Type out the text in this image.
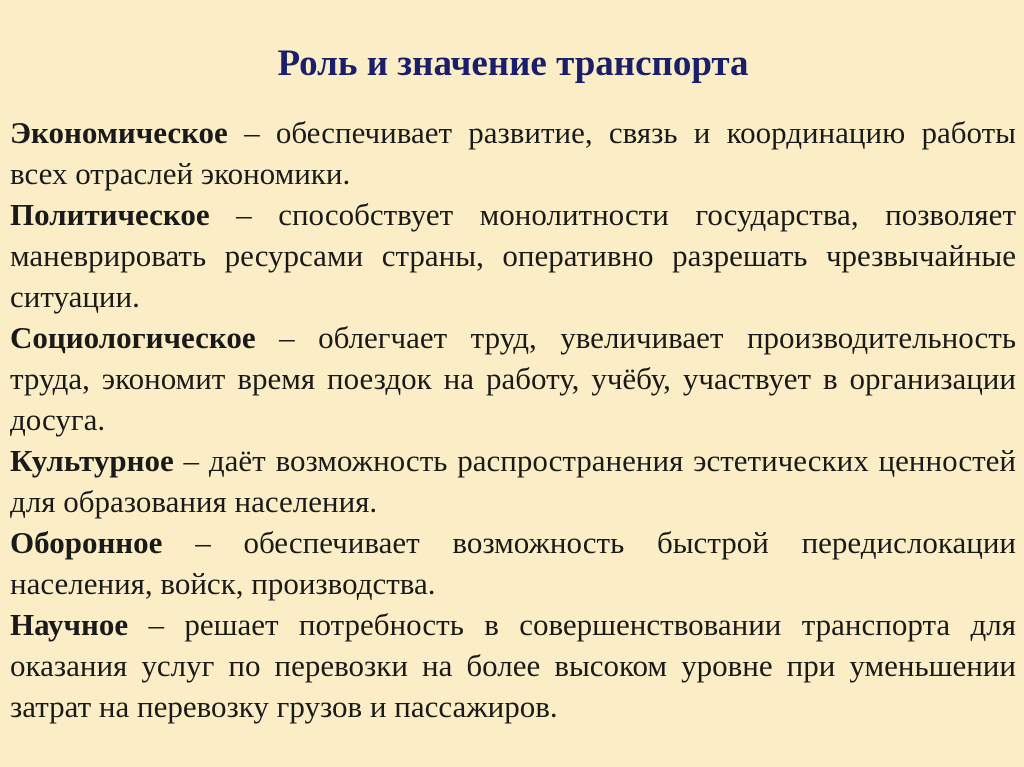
Роль и значение транспорта

Экономическое – обеспечивает развитие, связь и координацию работы всех отраслей экономики.

Политическое – способствует монолитности государства, позволяет маневрировать ресурсами страны, оперативно разрешать чрезвычайные ситуации.

Социологическое – облегчает труд, увеличивает производительность труда, экономит время поездок на работу, учёбу, участвует в организации досуга.

Культурное – даёт возможность распространения эстетических ценностей для образования населения.

Оборонное – обеспечивает возможность быстрой передислокации населения, войск, производства.

Научное – решает потребность в совершенствовании транспорта для оказания услуг по перевозки на более высоком уровне при уменьшении затрат на перевозку грузов и пассажиров.
